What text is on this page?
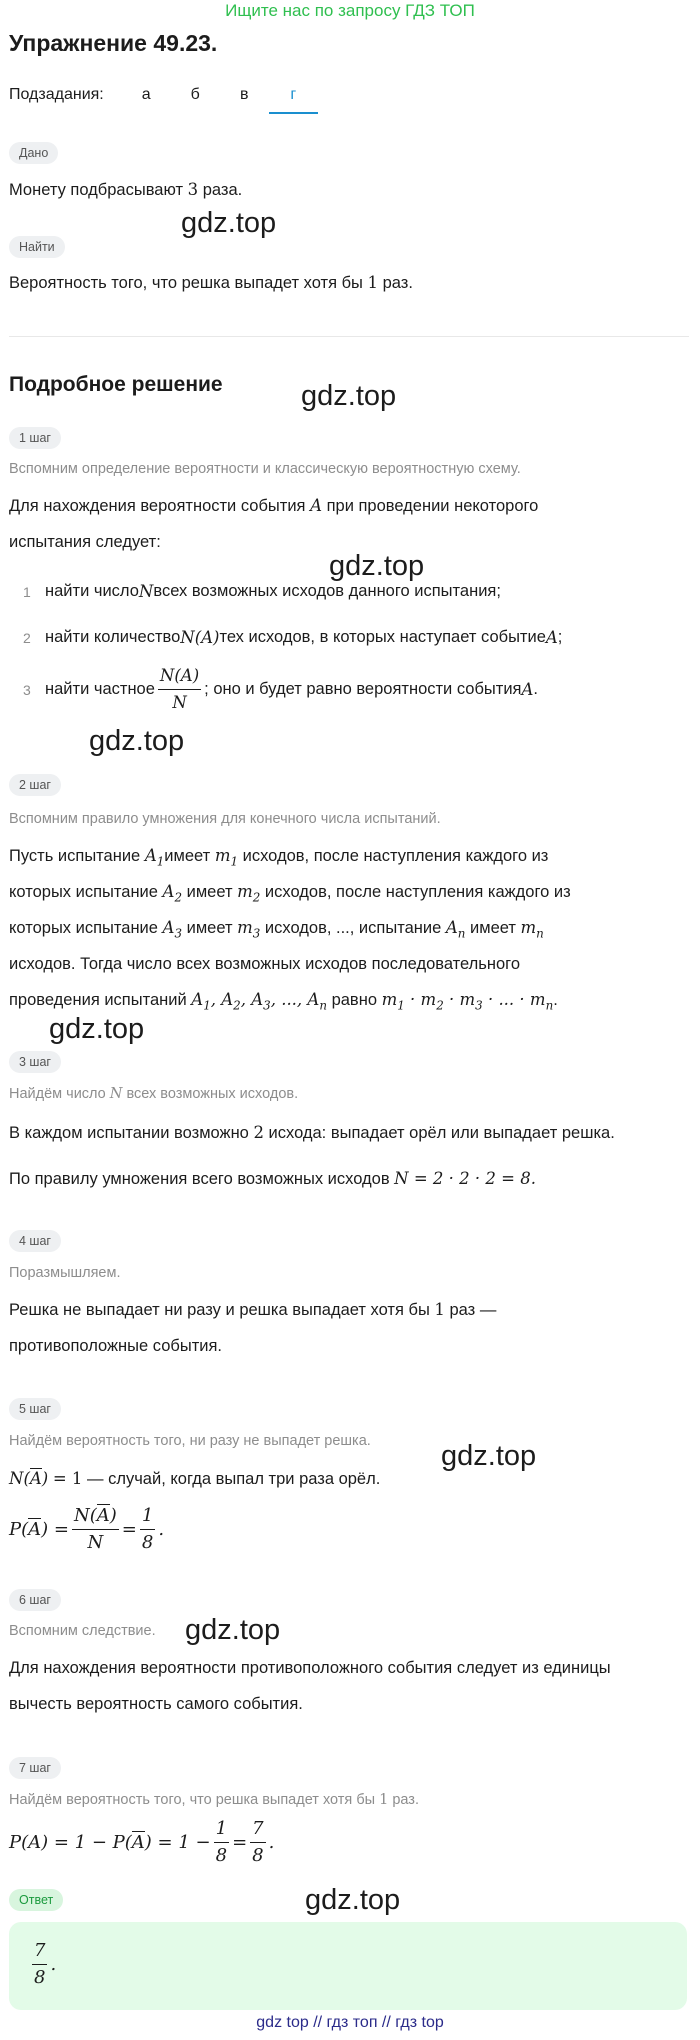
Ищите нас по запросу ГДЗ ТОП
Упражнение 49.23.
Подзадания:	а	б	в	г
Дано
Монету подбрасывают 3 раза.
Найти
gdz.top
Вероятность того, что решка выпадет хотя бы 1 раз.
Подробное решение	gdz.top
1 шаг
Вспомним определение вероятности и классическую вероятностную схему.
Для нахождения вероятности события A при проведении некоторого
испытания следует:
gdz.top
1 найти число N всех возможных исходов данного испытания;
2 найти количество N(A) тех исходов, в которых наступает событие A ;
3 найти частное $\frac{N(A)}{N}$ ; оно и будет равно вероятности события A .
gdz.top
2 шаг
Вспомним правило умножения для конечного числа испытаний.
Пусть испытание $A_1имеет$ $m_1$ исходов, после наступления каждого из
которых испытание $A_2$ имеет $m_2$ исходов, после наступления каждого из
которых испытание $A_3$ имеет $m_3$ исходов, ..., испытание $A_n$ имеет $m_n$
исходов. Тогда число всех возможных исходов последовательного
проведения испытаний $A_1$, $A_2$, $A_3$, ..., $A_n$ равно $m_1 \cdot m_2 \cdot m_3$ · ... · $m_n$.
gdz.top
3 шаг
Найдём число N всех возможных исходов.
В каждом испытании возможно 2 исхода: выпадает орёл или выпадает решка.
По правилу умножения всего возможных исходов N = 2 · 2 · 2 = 8.
4 шаг
Поразмышляем.
Решка не выпадает ни разу и решка выпадает хотя бы 1 раз —
противоположные события.
5 шаг
Найдём вероятность того, ни разу не выпадет решка. gdz.top
N(A) = 1 — случай, когда выпал три раза орёл.
$P(A) = \frac{N(A)}{N} = \frac{1}{8}$ .
6 шаг
Вспомним следствие. gdz.top
Для нахождения вероятности противоположного события следует из единицы
вычесть вероятность самого события.
7 шаг
Найдём вероятность того, что решка выпадет хотя бы 1 раз.
$P(A) = 1 - P(A) = 1 - \frac{1}{8} = \frac{7}{8}$ .
gdz.top
Ответ
$\frac{7}{8}$ .
gdz top // гдз топ // гдз top
